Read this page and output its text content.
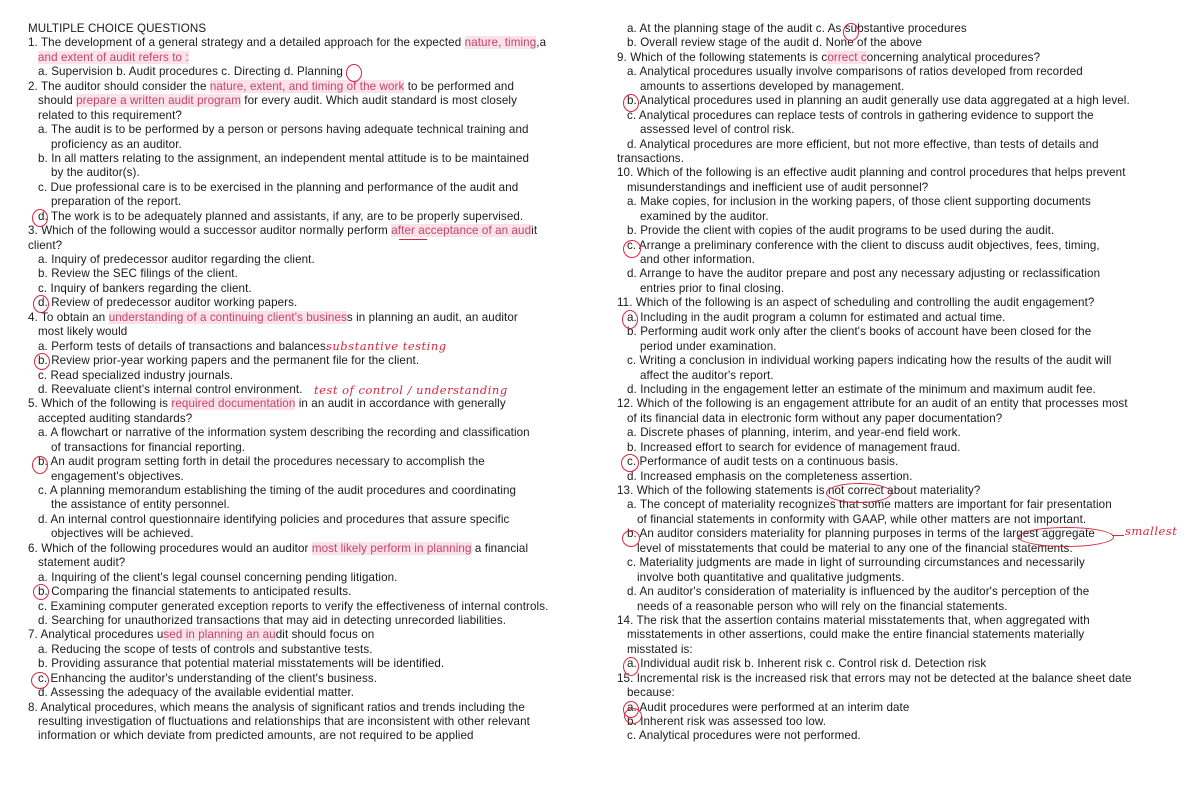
MULTIPLE CHOICE QUESTIONS
1. The development of a general strategy and a detailed approach for the expected nature, timing,a
and extent of audit refers to :
a. Supervision b. Audit procedures c. Directing d. Planning
2. The auditor should consider the nature, extent, and timing of the work to be performed and
should prepare a written audit program for every audit. Which audit standard is most closely
related to this requirement?
a. The audit is to be performed by a person or persons having adequate technical training and
proficiency as an auditor.
b. In all matters relating to the assignment, an independent mental attitude is to be maintained
by the auditor(s).
c. Due professional care is to be exercised in the planning and performance of the audit and
preparation of the report.
d. The work is to be adequately planned and assistants, if any, are to be properly supervised.
3. Which of the following would a successor auditor normally perform after acceptance of an audit
client?
a. Inquiry of predecessor auditor regarding the client.
b. Review the SEC filings of the client.
c. Inquiry of bankers regarding the client.
d. Review of predecessor auditor working papers.
4. To obtain an understanding of a continuing client's business in planning an audit, an auditor
most likely would
a. Perform tests of details of transactions and balances.
b. Review prior-year working papers and the permanent file for the client.
c. Read specialized industry journals.
d. Reevaluate client's internal control environment.
5. Which of the following is required documentation in an audit in accordance with generally
accepted auditing standards?
a. A flowchart or narrative of the information system describing the recording and classification
of transactions for financial reporting.
b. An audit program setting forth in detail the procedures necessary to accomplish the
engagement's objectives.
c. A planning memorandum establishing the timing of the audit procedures and coordinating
the assistance of entity personnel.
d. An internal control questionnaire identifying policies and procedures that assure specific
objectives will be achieved.
6. Which of the following procedures would an auditor most likely perform in planning a financial
statement audit?
a. Inquiring of the client's legal counsel concerning pending litigation.
b. Comparing the financial statements to anticipated results.
c. Examining computer generated exception reports to verify the effectiveness of internal controls.
d. Searching for unauthorized transactions that may aid in detecting unrecorded liabilities.
7. Analytical procedures used in planning an audit should focus on
a. Reducing the scope of tests of controls and substantive tests.
b. Providing assurance that potential material misstatements will be identified.
c. Enhancing the auditor's understanding of the client's business.
d. Assessing the adequacy of the available evidential matter.
8. Analytical procedures, which means the analysis of significant ratios and trends including the
resulting investigation of fluctuations and relationships that are inconsistent with other relevant
information or which deviate from predicted amounts, are not required to be applied
a. At the planning stage of the audit c. As substantive procedures
b. Overall review stage of the audit d. None of the above
9. Which of the following statements is correct concerning analytical procedures?
a. Analytical procedures usually involve comparisons of ratios developed from recorded
amounts to assertions developed by management.
b. Analytical procedures used in planning an audit generally use data aggregated at a high level.
c. Analytical procedures can replace tests of controls in gathering evidence to support the
assessed level of control risk.
d. Analytical procedures are more efficient, but not more effective, than tests of details and
transactions.
10. Which of the following is an effective audit planning and control procedures that helps prevent
misunderstandings and inefficient use of audit personnel?
a. Make copies, for inclusion in the working papers, of those client supporting documents
examined by the auditor.
b. Provide the client with copies of the audit programs to be used during the audit.
c. Arrange a preliminary conference with the client to discuss audit objectives, fees, timing,
and other information.
d. Arrange to have the auditor prepare and post any necessary adjusting or reclassification
entries prior to final closing.
11. Which of the following is an aspect of scheduling and controlling the audit engagement?
a. Including in the audit program a column for estimated and actual time.
b. Performing audit work only after the client's books of account have been closed for the
period under examination.
c. Writing a conclusion in individual working papers indicating how the results of the audit will
affect the auditor's report.
d. Including in the engagement letter an estimate of the minimum and maximum audit fee.
12. Which of the following is an engagement attribute for an audit of an entity that processes most
of its financial data in electronic form without any paper documentation?
a. Discrete phases of planning, interim, and year-end field work.
b. Increased effort to search for evidence of management fraud.
c. Performance of audit tests on a continuous basis.
d. Increased emphasis on the completeness assertion.
13. Which of the following statements is not correct about materiality?
a. The concept of materiality recognizes that some matters are important for fair presentation
of financial statements in conformity with GAAP, while other matters are not important.
b. An auditor considers materiality for planning purposes in terms of the largest aggregate
level of misstatements that could be material to any one of the financial statements.
c. Materiality judgments are made in light of surrounding circumstances and necessarily
involve both quantitative and qualitative judgments.
d. An auditor's consideration of materiality is influenced by the auditor's perception of the
needs of a reasonable person who will rely on the financial statements.
14. The risk that the assertion contains material misstatements that, when aggregated with
misstatements in other assertions, could make the entire financial statements materially
misstated is:
a. Individual audit risk b. Inherent risk c. Control risk d. Detection risk
15. Incremental risk is the increased risk that errors may not be detected at the balance sheet date
because:
a. Audit procedures were performed at an interim date
b. Inherent risk was assessed too low.
c. Analytical procedures were not performed.
substantive testing
test of control / understanding
smallest
